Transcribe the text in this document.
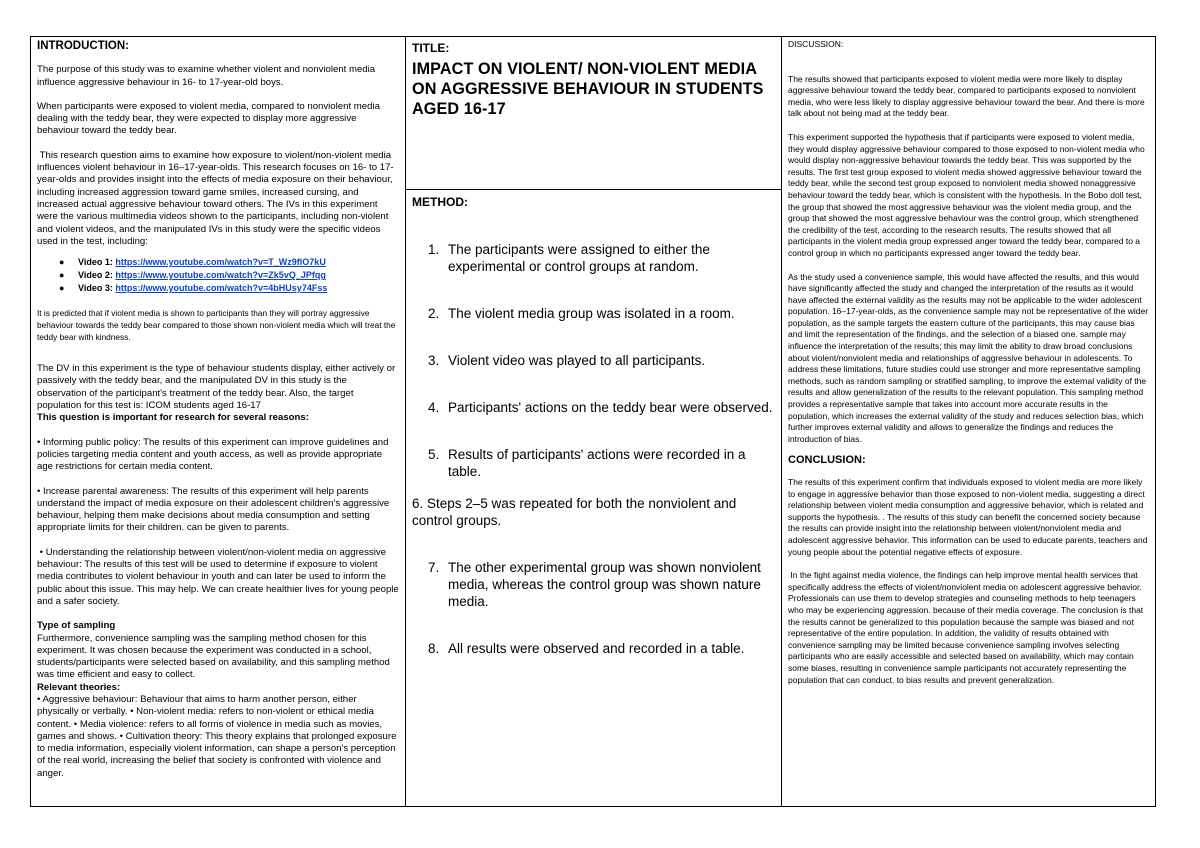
INTRODUCTION:

The purpose of this study was to examine whether violent and nonviolent media influence aggressive behaviour in 16- to 17-year-old boys.

When participants were exposed to violent media, compared to nonviolent media dealing with the teddy bear, they were expected to display more aggressive behaviour toward the teddy bear.

This research question aims to examine how exposure to violent/non-violent media influences violent behaviour in 16–17-year-olds. This research focuses on 16- to 17-year-olds and provides insight into the effects of media exposure on their behaviour, including increased aggression toward game smiles, increased cursing, and increased actual aggressive behaviour toward others. The IVs in this experiment were the various multimedia videos shown to the participants, including non-violent and violent videos, and the manipulated IVs in this study were the specific videos used in the test, including:

● Video 1: https://www.youtube.com/watch?v=T_Wz9flO7kU
● Video 2: https://www.youtube.com/watch?v=Zk5vQ_JPfqg
● Video 3: https://www.youtube.com/watch?v=4bHUsy74Fss

It is predicted that if violent media is shown to participants than they will portray aggressive behaviour towards the teddy bear compared to those shown non-violent media which will treat the teddy bear with kindness.

The DV in this experiment is the type of behaviour students display, either actively or passively with the teddy bear, and the manipulated DV in this study is the observation of the participant's treatment of the teddy bear. Also, the target population for this test is: ICOM students aged 16-17

This question is important for research for several reasons:

• Informing public policy: The results of this experiment can improve guidelines and policies targeting media content and youth access, as well as provide appropriate age restrictions for certain media content.

• Increase parental awareness: The results of this experiment will help parents understand the impact of media exposure on their adolescent children's aggressive behaviour, helping them make decisions about media consumption and setting appropriate limits for their children. can be given to parents.

• Understanding the relationship between violent/non-violent media on aggressive behaviour: The results of this test will be used to determine if exposure to violent media contributes to violent behaviour in youth and can later be used to inform the public about this issue. This may help. We can create healthier lives for young people and a safer society.

Type of sampling

Furthermore, convenience sampling was the sampling method chosen for this experiment. It was chosen because the experiment was conducted in a school, students/participants were selected based on availability, and this sampling method was time efficient and easy to collect.

Relevant theories:

• Aggressive behaviour: Behaviour that aims to harm another person, either physically or verbally. • Non-violent media: refers to non-violent or ethical media content. • Media violence: refers to all forms of violence in media such as movies, games and shows. • Cultivation theory: This theory explains that prolonged exposure to media information, especially violent information, can shape a person's perception of the real world, increasing the belief that society is confronted with violence and anger.

TITLE:
IMPACT ON VIOLENT/ NON-VIOLENT MEDIA ON AGGRESSIVE BEHAVIOUR IN STUDENTS AGED 16-17
METHOD:
1. The participants were assigned to either the experimental or control groups at random.
2. The violent media group was isolated in a room.
3. Violent video was played to all participants.
4. Participants' actions on the teddy bear were observed.
5. Results of participants' actions were recorded in a table.
6. Steps 2–5 was repeated for both the nonviolent and control groups.
7. The other experimental group was shown nonviolent media, whereas the control group was shown nature media.
8. All results were observed and recorded in a table.
DISCUSSION:

The results showed that participants exposed to violent media were more likely to display aggressive behaviour toward the teddy bear, compared to participants exposed to nonviolent media, who were less likely to display aggressive behaviour toward the bear. And there is more talk about not being mad at the teddy bear.

This experiment supported the hypothesis that if participants were exposed to violent media, they would display aggressive behaviour compared to those exposed to non-violent media who would display non-aggressive behaviour towards the teddy bear. This was supported by the results. The first test group exposed to violent media showed aggressive behaviour toward the teddy bear, while the second test group exposed to nonviolent media showed nonaggressive behaviour toward the teddy bear, which is consistent with the hypothesis. In the Bobo doll test, the group that showed the most aggressive behaviour was the violent media group, and the group that showed the most aggressive behaviour was the control group, which strengthened the credibility of the test, according to the research results. The results showed that all participants in the violent media group expressed anger toward the teddy bear, compared to a control group in which no participants expressed anger toward the teddy bear.

As the study used a convenience sample, this would have affected the results, and this would have significantly affected the study and changed the interpretation of the results as it would have affected the external validity as the results may not be applicable to the wider adolescent population. 16–17-year-olds, as the convenience sample may not be representative of the wider population, as the sample targets the eastern culture of the participants, this may cause bias and limit the representation of the findings, and the selection of a biased one. sample may influence the interpretation of the results; this may limit the ability to draw broad conclusions about violent/nonviolent media and relationships of aggressive behaviour in adolescents. To address these limitations, future studies could use stronger and more representative sampling methods, such as random sampling or stratified sampling, to improve the external validity of the results and allow generalization of the results to the relevant population. This sampling method provides a representative sample that takes into account more accurate results in the population, which increases the external validity of the study and reduces selection bias, which further improves external validity and allows to generalize the findings and reduces the introduction of bias.

CONCLUSION:

The results of this experiment confirm that individuals exposed to violent media are more likely to engage in aggressive behavior than those exposed to non-violent media, suggesting a direct relationship between violent media consumption and aggressive behavior, which is related and supports the hypothesis. . The results of this study can benefit the concerned society because the results can provide insight into the relationship between violent/nonviolent media and adolescent aggressive behavior. This information can be used to educate parents, teachers and young people about the potential negative effects of exposure.

In the fight against media violence, the findings can help improve mental health services that specifically address the effects of violent/nonviolent media on adolescent aggressive behavior. Professionals can use them to develop strategies and counseling methods to help teenagers who may be experiencing aggression. because of their media coverage. The conclusion is that the results cannot be generalized to this population because the sample was biased and not representative of the entire population. In addition, the validity of results obtained with convenience sampling may be limited because convenience sampling involves selecting participants who are easily accessible and selected based on availability, which may contain some biases, resulting in convenience sample participants not accurately representing the population that can conduct. to bias results and prevent generalization.
